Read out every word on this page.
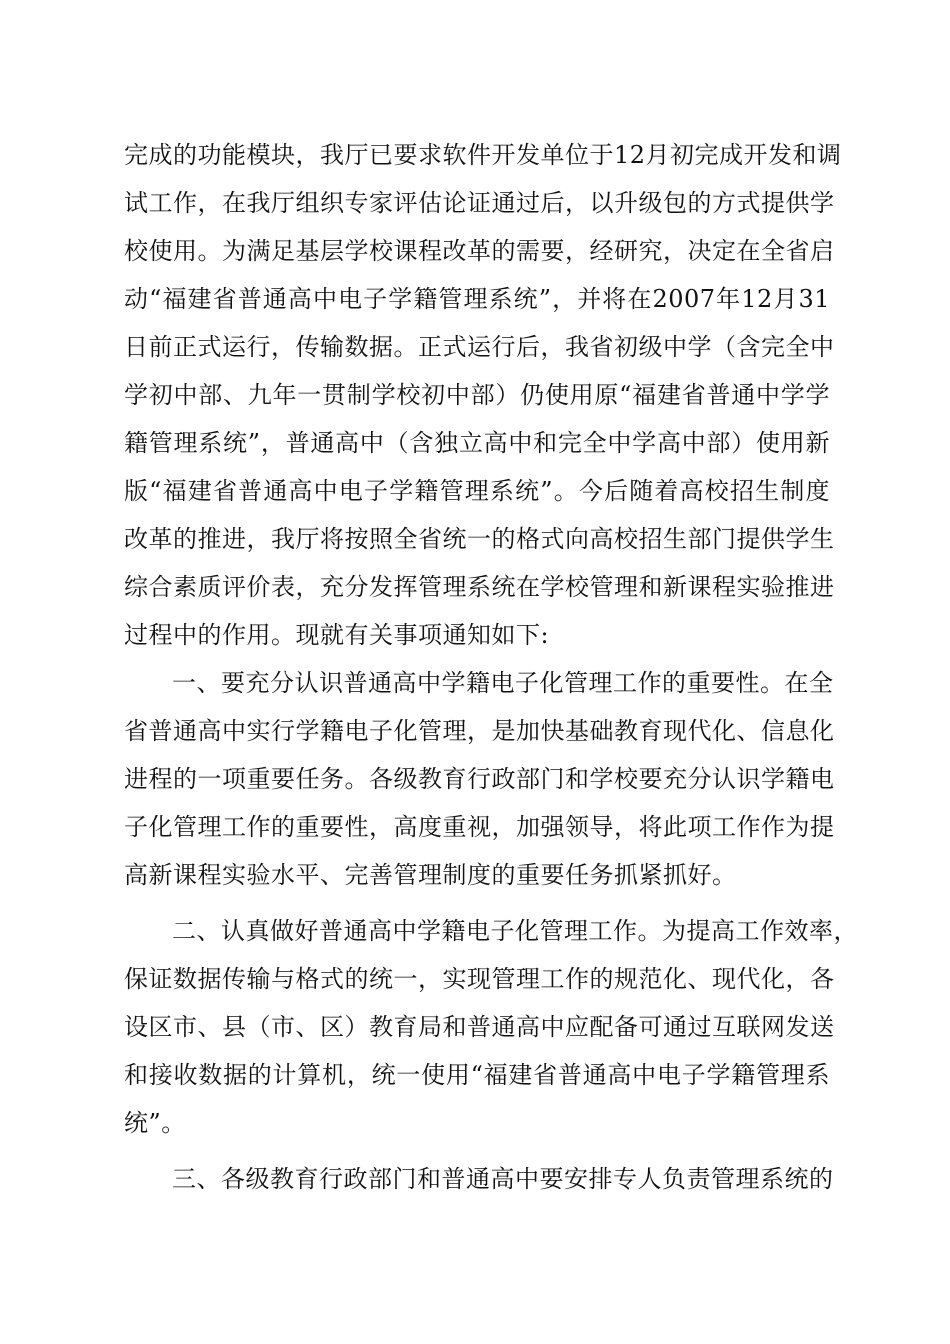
完成的功能模块，我厅已要求软件开发单位于12月初完成开发和调
试工作，在我厅组织专家评估论证通过后，以升级包的方式提供学
校使用。为满足基层学校课程改革的需要，经研究，决定在全省启
动“福建省普通高中电子学籍管理系统”，并将在2007年12月31
日前正式运行，传输数据。正式运行后，我省初级中学（含完全中
学初中部、九年一贯制学校初中部）仍使用原“福建省普通中学学
籍管理系统”，普通高中（含独立高中和完全中学高中部）使用新
版“福建省普通高中电子学籍管理系统”。今后随着高校招生制度
改革的推进，我厅将按照全省统一的格式向高校招生部门提供学生
综合素质评价表，充分发挥管理系统在学校管理和新课程实验推进
过程中的作用。现就有关事项通知如下:
一、要充分认识普通高中学籍电子化管理工作的重要性。在全
省普通高中实行学籍电子化管理，是加快基础教育现代化、信息化
进程的一项重要任务。各级教育行政部门和学校要充分认识学籍电
子化管理工作的重要性，高度重视，加强领导，将此项工作作为提
高新课程实验水平、完善管理制度的重要任务抓紧抓好。
二、认真做好普通高中学籍电子化管理工作。为提高工作效率，
保证数据传输与格式的统一，实现管理工作的规范化、现代化，各
设区市、县（市、区）教育局和普通高中应配备可通过互联网发送
和接收数据的计算机，统一使用“福建省普通高中电子学籍管理系
统”。
三、各级教育行政部门和普通高中要安排专人负责管理系统的
